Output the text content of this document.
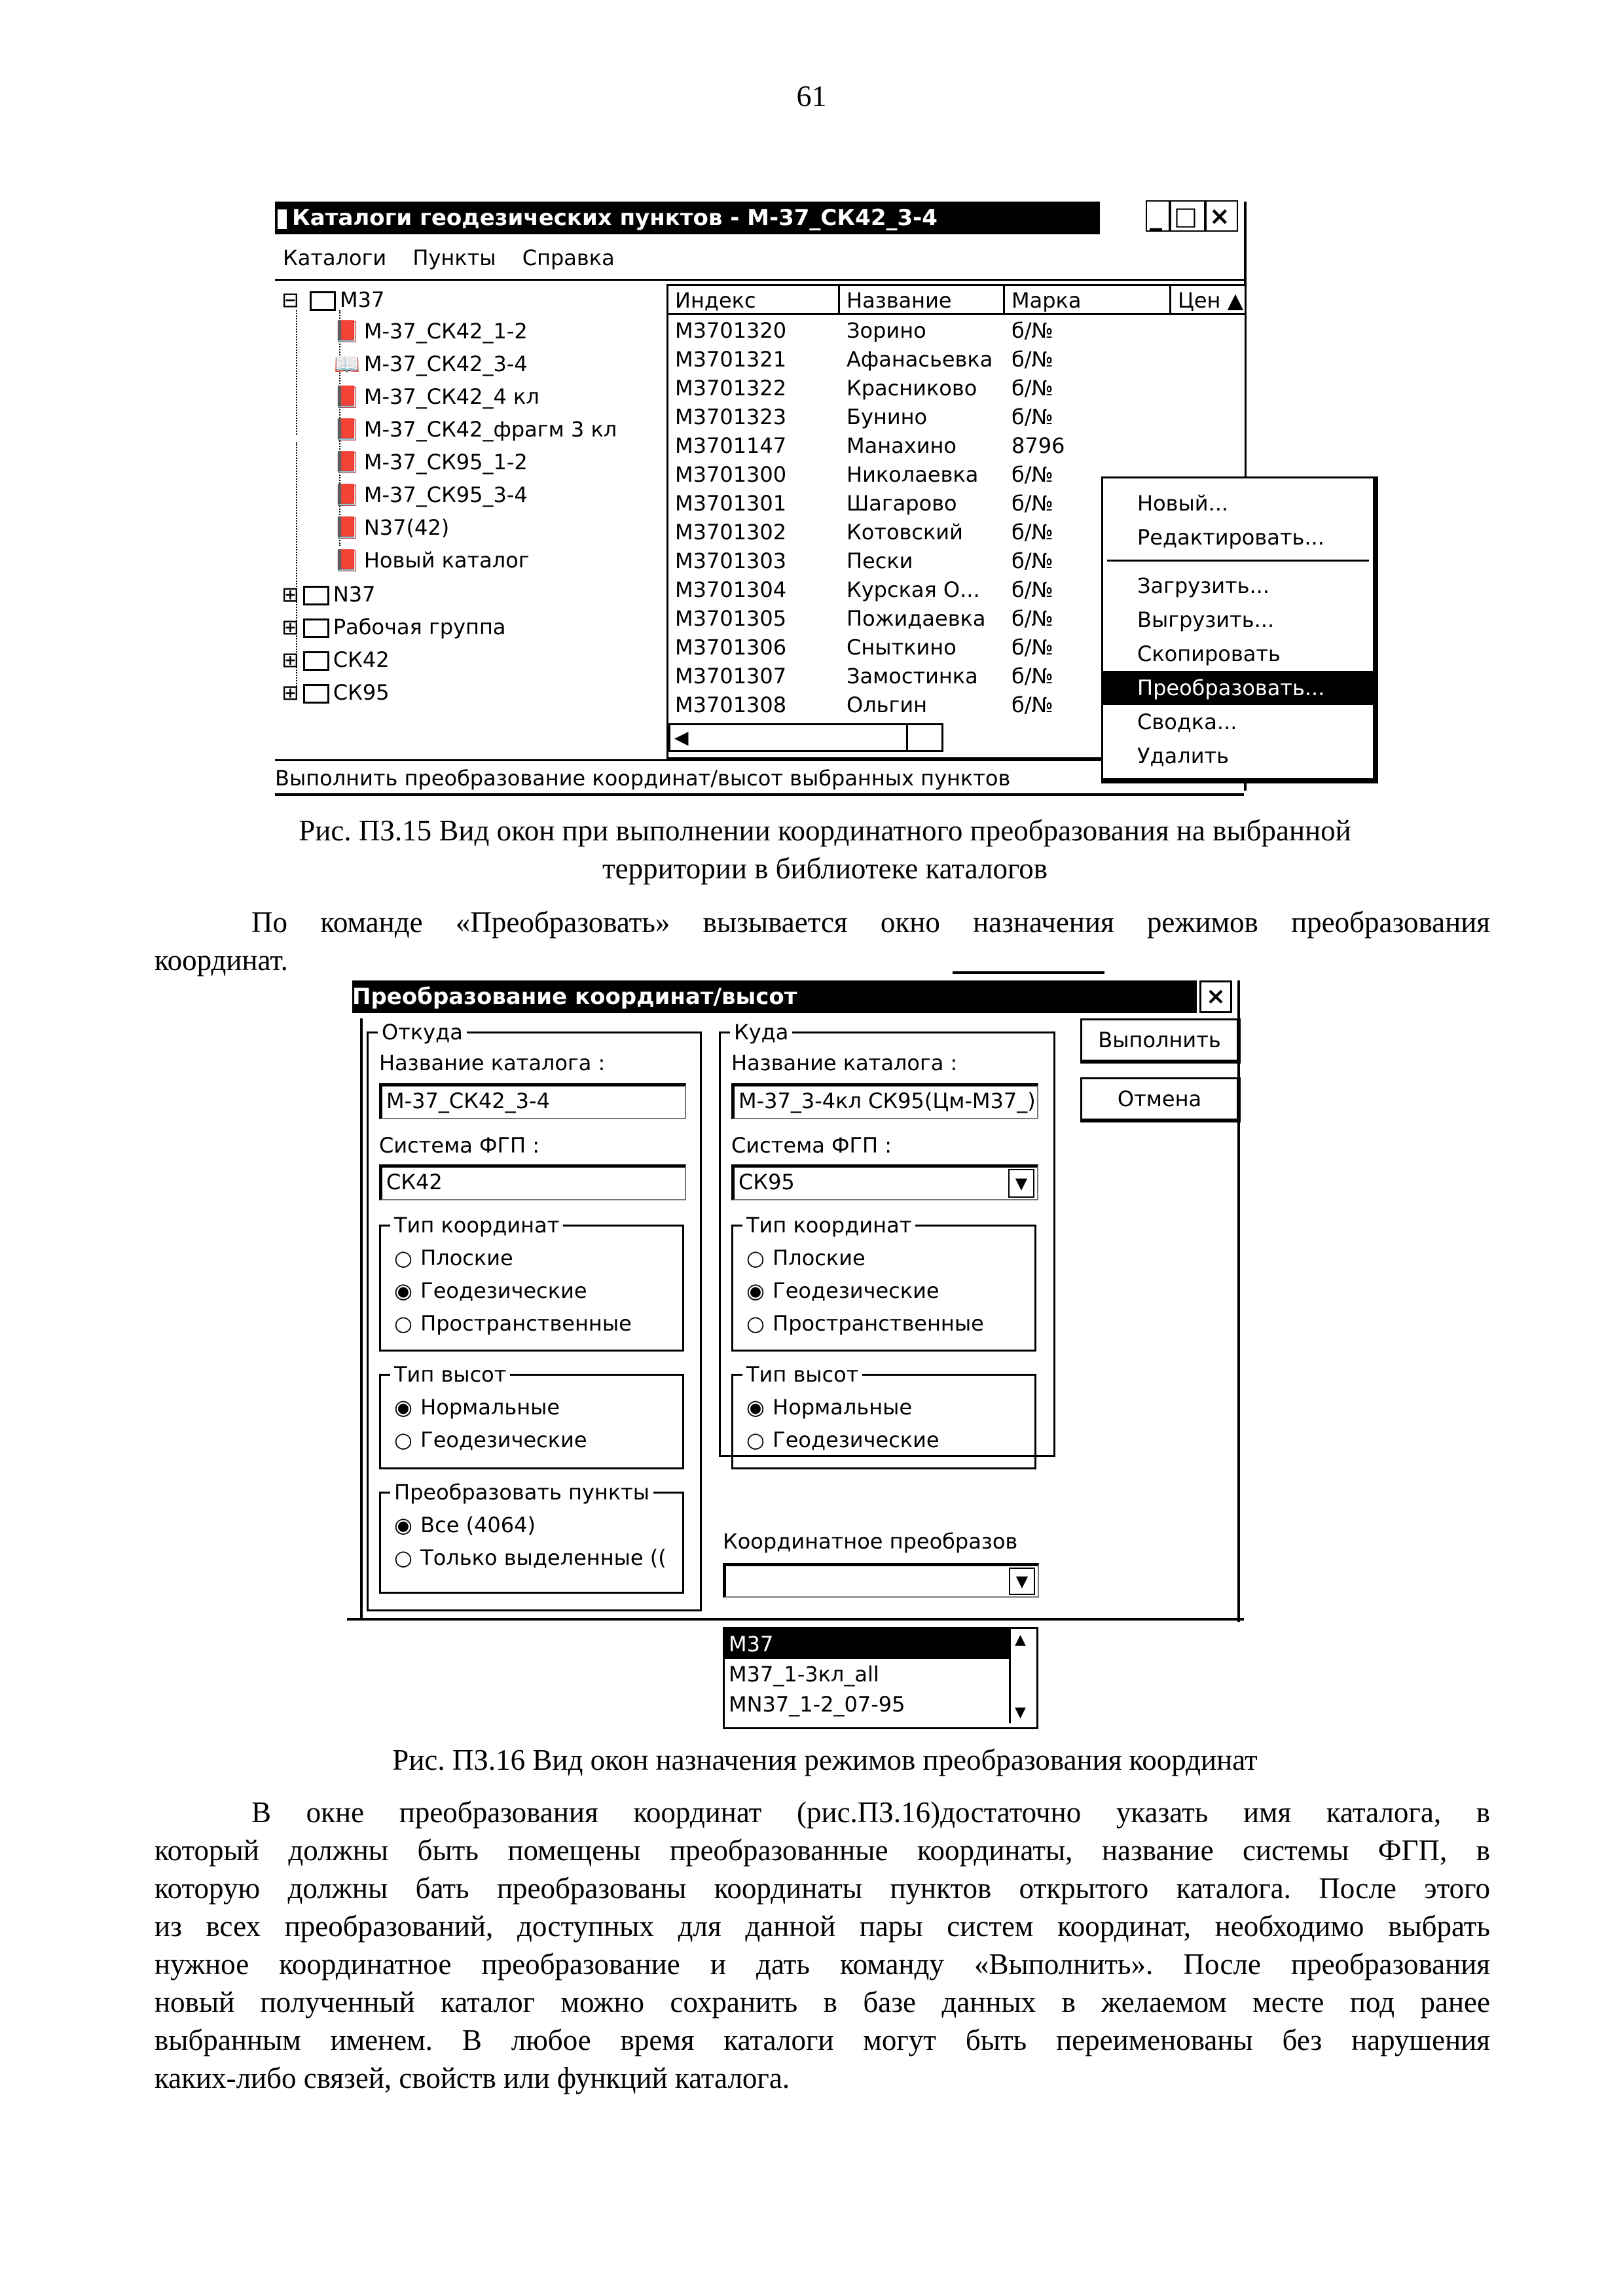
61
Каталоги геодезических пунктов - М-37_СК42_3-4	_ □ ×
Каталоги Пункты Справка
⊟ M37
📕 М-37_СК42_1-2
📖 М-37_СК42_3-4
📕 М-37_СК42_4 кл
📕 М-37_СК42_фрагм 3 кл
📕 М-37_СК95_1-2
📕 М-37_СК95_3-4
📕 N37(42)
📕 Новый каталог
⊞ N37
⊞ Рабочая группа
⊞ СК42
⊞ СК95
Индекс	Название	Марка	Цен ▲
M3701320	Зорино	б/№
M3701321	Афанасьевка б/№
M3701322	Красниково б/№
M3701323	Бунино	б/№
M3701147	Манахино	8796
M3701300	Николаевка б/№
M3701301	Шагарово	б/№
M3701302	Котовский б/№
M3701303	Пески	б/№
M3701304	Курская О... б/№
M3701305	Пожидаевка б/№
M3701306	Сныткино	б/№
M3701307	Замостинка б/№
M3701308	Ольгин	б/№
◀
Новый...
Редактировать...
Загрузить...
Выгрузить...
Скопировать
Преобразовать...
Сводка...
Удалить
Выполнить преобразование координат/высот выбранных пунктов
Рис. ПЗ.15 Вид окон при выполнении координатного преобразования на выбранной
территории в библиотеке каталогов
По команде «Преобразовать» вызывается окно назначения режимов преобразования
координат.
Преобразование координат/высот	×
Откуда
Название каталога :
М-37_СК42_3-4
Система ФГП :
СК42
Тип координат
○ Плоские
◉ Геодезические
○ Пространственные
Тип высот
◉ Нормальные
○ Геодезические
Преобразовать пункты
◉ Все (4064)
○ Только выделенные ((
Куда
Название каталога :
М-37_3-4кл СК95(Цм-М37_)
Система ФГП :
СК95	▼
Тип координат
○ Плоские
◉ Геодезические
○ Пространственные
Тип высот
◉ Нормальные
○ Геодезические
Выполнить
Отмена
Координатное преобразов
▼
M37
M37_1-3кл_all
MN37_1-2_07-95
▲
▼
Рис. ПЗ.16 Вид окон назначения режимов преобразования координат
В окне преобразования координат (рис.ПЗ.16)достаточно указать имя каталога, в
который должны быть помещены преобразованные координаты, название системы ФГП, в
которую должны бать преобразованы координаты пунктов открытого каталога. После этого
из всех преобразований, доступных для данной пары систем координат, необходимо выбрать
нужное координатное преобразование и дать команду «Выполнить». После преобразования
новый полученный каталог можно сохранить в базе данных в желаемом месте под ранее
выбранным именем. В любое время каталоги могут быть переименованы без нарушения
каких-либо связей, свойств или функций каталога.
